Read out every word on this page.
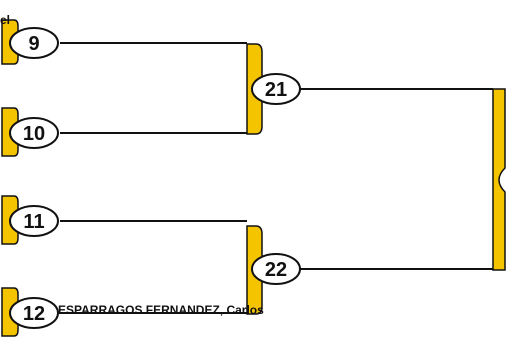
9
10
11
12
21
22
el
ESPARRAGOS FERNANDEZ, Carlos
